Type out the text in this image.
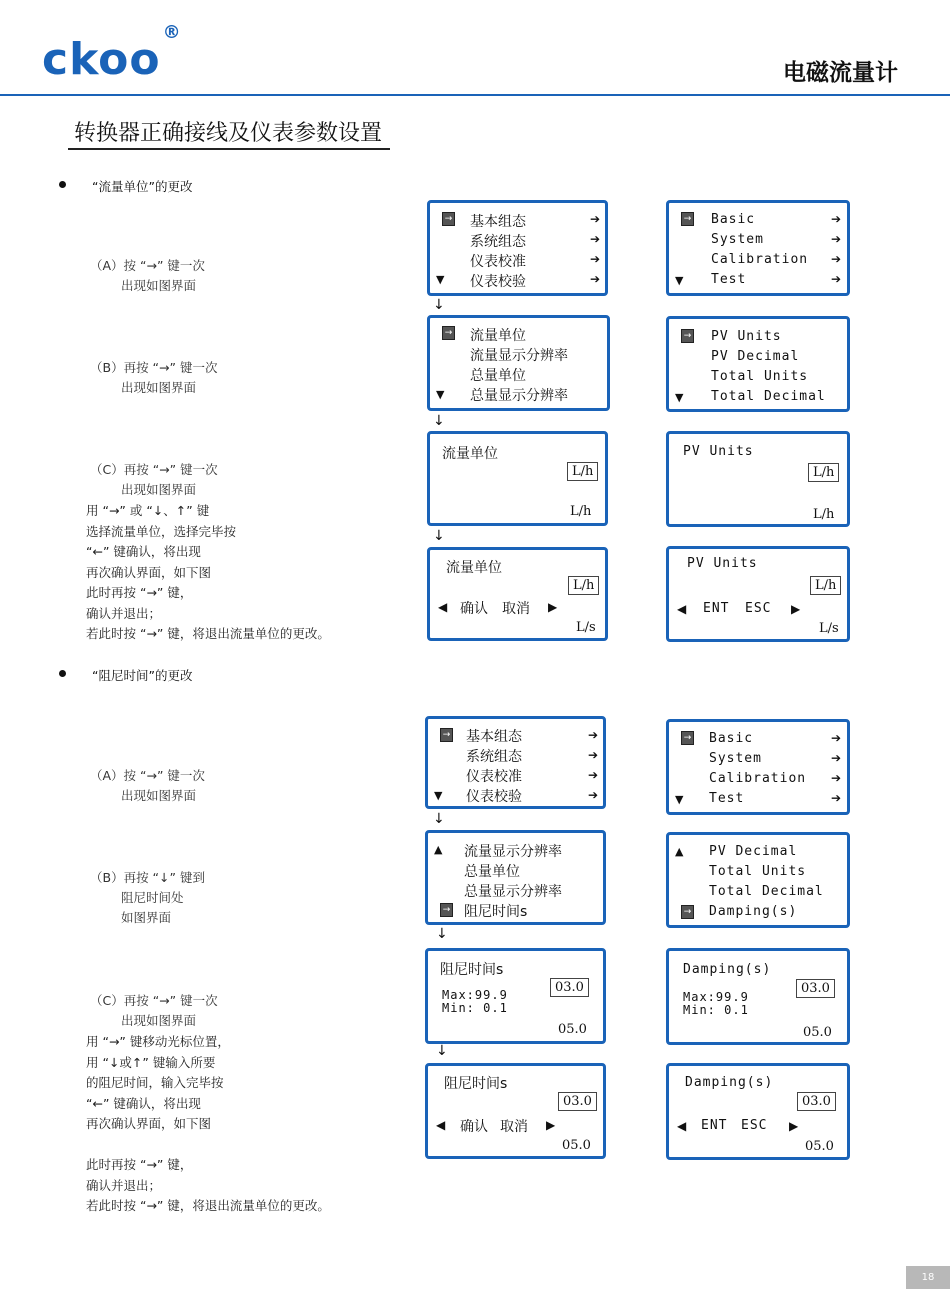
ckoo®
电磁流量计
转换器正确接线及仪表参数设置
“流量单位”的更改

（A）按 “→” 键一次
出现如图界面

（B）再按 “→” 键一次
出现如图界面

（C）再按 “→” 键一次
出现如图界面

用 “→” 或 “↓、↑” 键
选择流量单位，选择完毕按
“←” 键确认，将出现
再次确认界面，如下图
此时再按 “→” 键，
确认并退出；
若此时按 “→” 键，将退出流量单位的更改。
→ 基本组态
系统组态
仪表校准
仪表校验
➔
➔
➔
➔
▼
↓
→ Basic
System
Calibration
Test
➔
➔
➔
➔
▼
→ 流量单位
流量显示分辨率
总量单位
总量显示分辨率
▼
↓
→ PV Units
PV Decimal
Total Units
Total Decimal
▼
流量单位
L/h
L/h
↓
PV Units
L/h
L/h
流量单位
L/h
◀ 确认 取消 ▶
L/s
PV Units
L/h
◀ ENT ESC ▶
L/s
“阻尼时间”的更改

（A）按 “→” 键一次
出现如图界面

（B）再按 “↓” 键到
阻尼时间处
如图界面

（C）再按 “→” 键一次
出现如图界面

用 “→” 键移动光标位置，
用 “↓或↑” 键输入所要
的阻尼时间，输入完毕按
“←” 键确认，将出现
再次确认界面，如下图
此时再按 “→” 键，
确认并退出；
若此时按 “→” 键，将退出流量单位的更改。
→ 基本组态
系统组态
仪表校准
仪表校验
➔
➔
➔
➔
▼
↓
→ Basic
System
Calibration
Test
➔
➔
➔
➔
▼
▲ 流量显示分辨率
总量单位
总量显示分辨率
→ 阻尼时间s
↓
▲ PV Decimal
Total Units
Total Decimal
→ Damping(s)
阻尼时间s
03.0
Max:99.9
Min: 0.1
05.0
↓
Damping(s)
03.0
Max:99.9
Min: 0.1
05.0
阻尼时间s
03.0
◀ 确认 取消 ▶
05.0
Damping(s)
03.0
◀ ENT ESC ▶
05.0
18
